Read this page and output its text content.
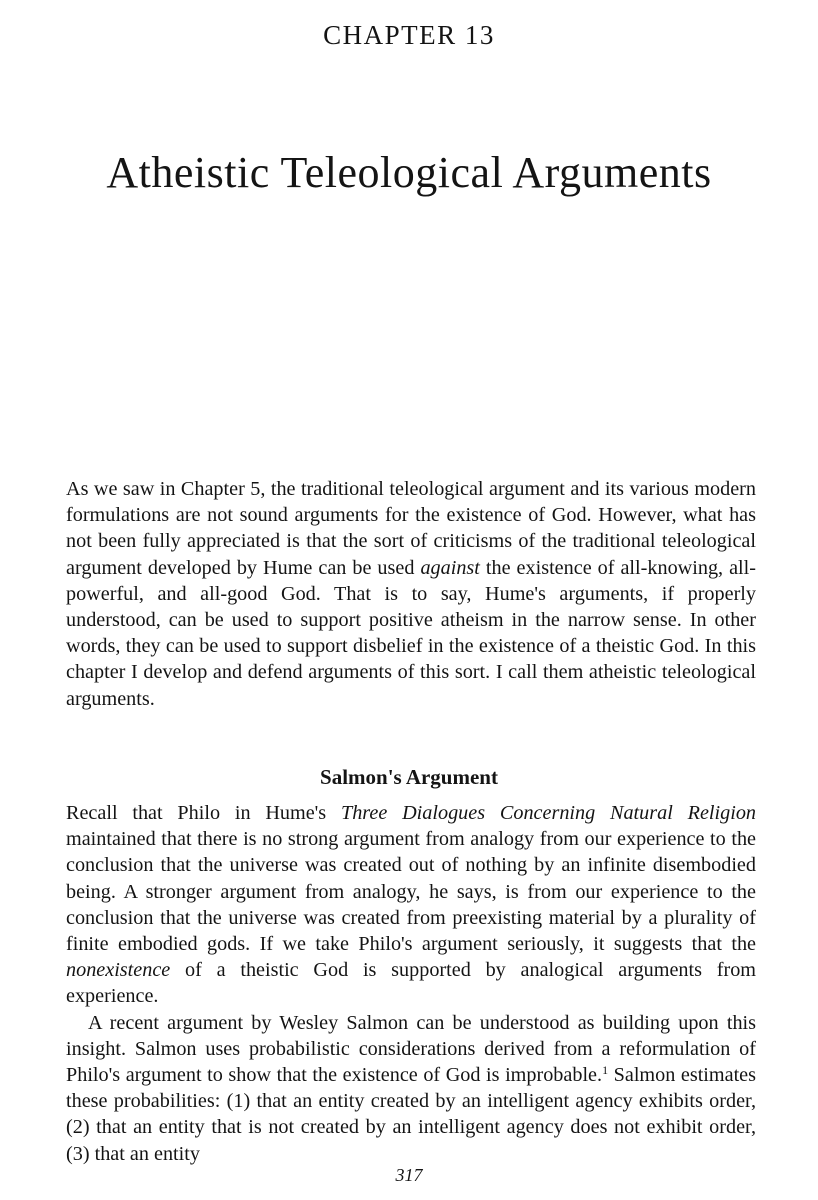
CHAPTER 13
Atheistic Teleological Arguments

As we saw in Chapter 5, the traditional teleological argument and its various modern formulations are not sound arguments for the existence of God. However, what has not been fully appreciated is that the sort of criticisms of the traditional teleological argument developed by Hume can be used against the existence of all-knowing, all-powerful, and all-good God. That is to say, Hume's arguments, if properly understood, can be used to support positive atheism in the narrow sense. In other words, they can be used to support disbelief in the existence of a theistic God. In this chapter I develop and defend arguments of this sort. I call them atheistic teleological arguments.

Salmon's Argument

Recall that Philo in Hume's Three Dialogues Concerning Natural Religion maintained that there is no strong argument from analogy from our experience to the conclusion that the universe was created out of nothing by an infinite disembodied being. A stronger argument from analogy, he says, is from our experience to the conclusion that the universe was created from preexisting material by a plurality of finite embodied gods. If we take Philo's argument seriously, it suggests that the nonexistence of a theistic God is supported by analogical arguments from experience.

A recent argument by Wesley Salmon can be understood as building upon this insight. Salmon uses probabilistic considerations derived from a reformulation of Philo's argument to show that the existence of God is improbable.$^1$ Salmon estimates these probabilities: (1) that an entity created by an intelligent agency exhibits order, (2) that an entity that is not created by an intelligent agency does not exhibit order, (3) that an entity

317
